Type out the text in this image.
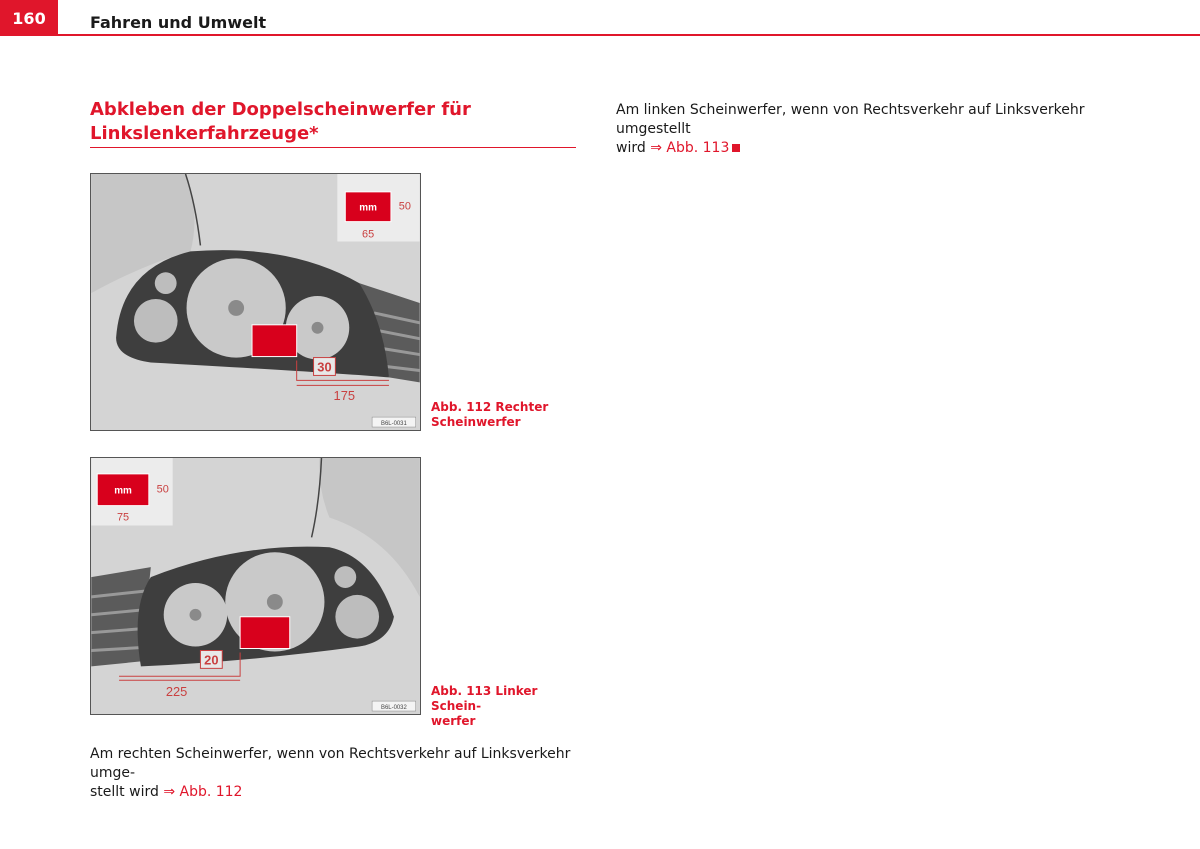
160	Fahren und Umwelt
Abkleben der Doppelscheinwerfer für
Linkslenkerfahrzeuge*
30
175
mm 50
65
B6L-0031
Abb. 112 Rechter
Scheinwerfer
20
225
mm 50
75
B6L-0032
Abb. 113 Linker Schein-
werfer
Am rechten Scheinwerfer, wenn von Rechtsverkehr auf Linksverkehr umge-
stellt wird ⇒ Abb. 112
Am linken Scheinwerfer, wenn von Rechtsverkehr auf Linksverkehr umgestellt
wird ⇒ Abb. 113
